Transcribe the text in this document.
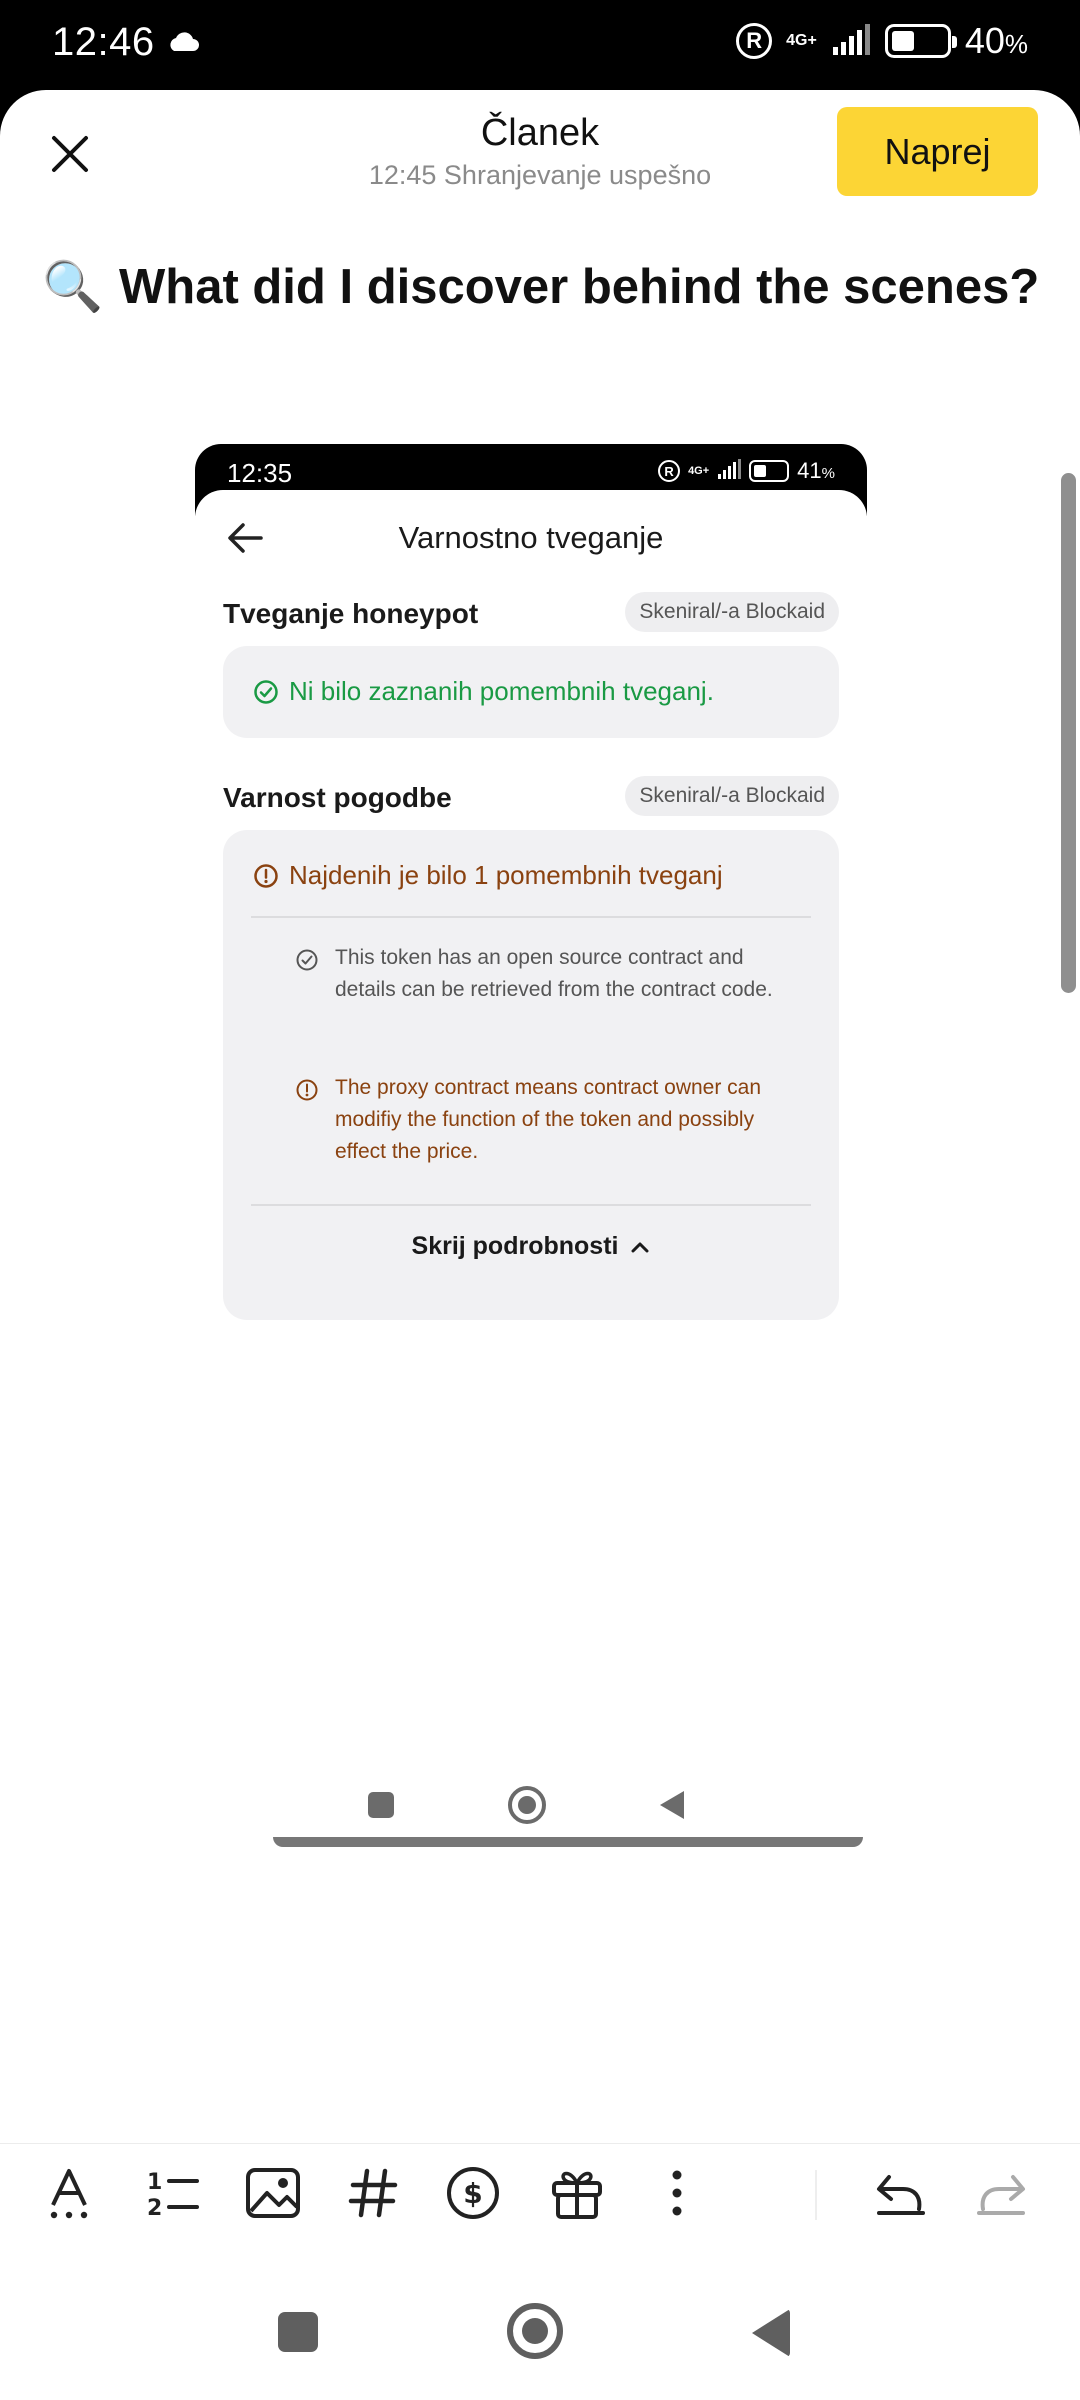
12:46	R	4G+	40%
Članek
12:45 Shranjevanje uspešno
Naprej
🔍 What did I discover behind the scenes?
12:35	R	4G+	41%
Varnostno tveganje
Tveganje honeypot	Skeniral/-a Blockaid
Ni bilo zaznanih pomembnih tveganj.
Varnost pogodbe	Skeniral/-a Blockaid
Najdenih je bilo 1 pomembnih tveganj
This token has an open source contract and details can be retrieved from the contract code.
The proxy contract means contract owner can modifiy the function of the token and possibly effect the price.
Skrij podrobnosti
1
2	$
